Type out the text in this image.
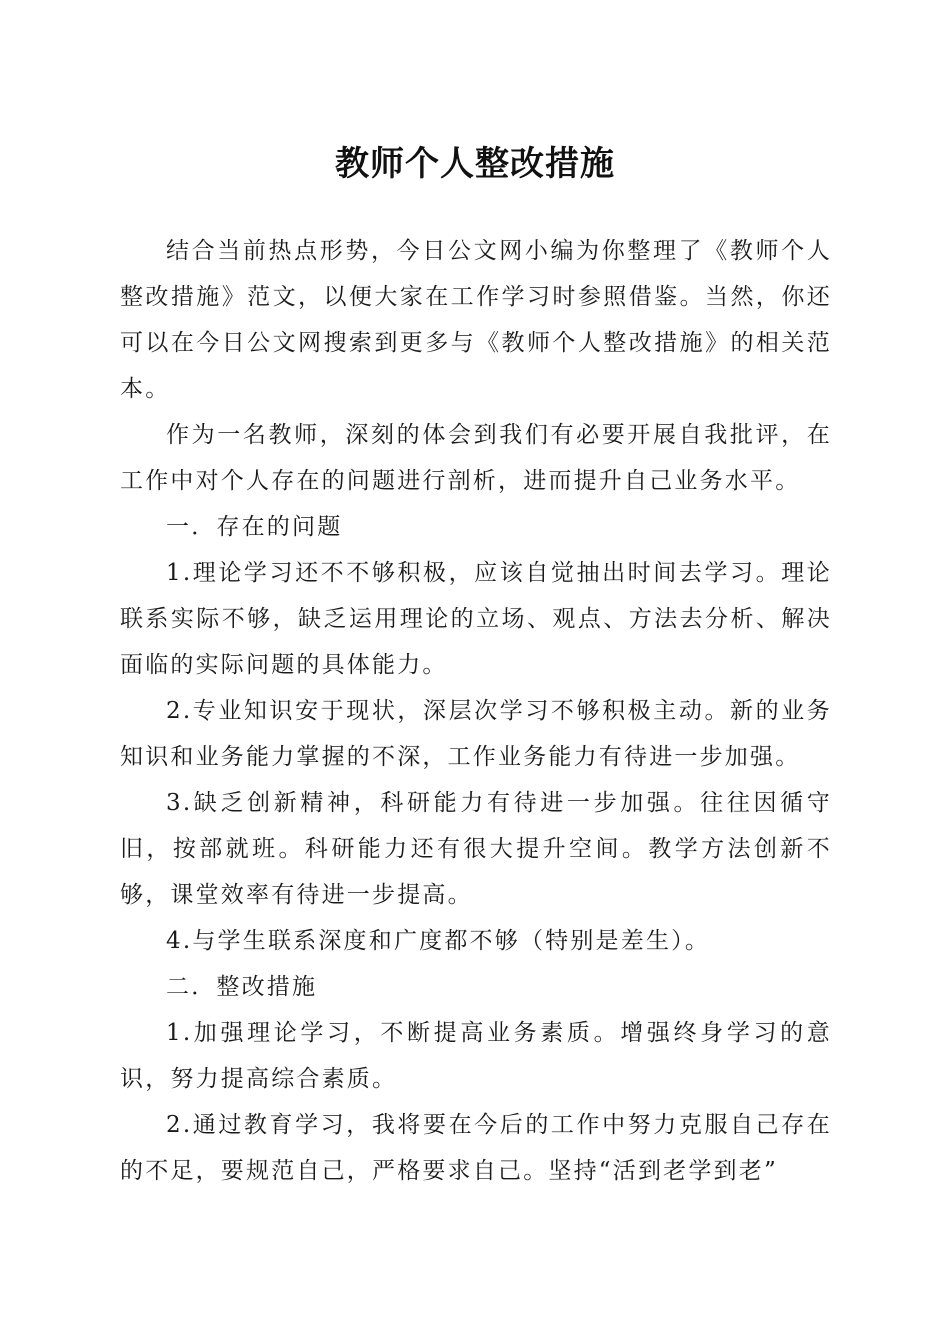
教师个人整改措施

结合当前热点形势，今日公文网小编为你整理了《教师个人整改措施》范文，以便大家在工作学习时参照借鉴。当然，你还可以在今日公文网搜索到更多与《教师个人整改措施》的相关范本。

作为一名教师，深刻的体会到我们有必要开展自我批评，在工作中对个人存在的问题进行剖析，进而提升自己业务水平。

一．存在的问题

1.理论学习还不不够积极，应该自觉抽出时间去学习。理论联系实际不够，缺乏运用理论的立场、观点、方法去分析、解决面临的实际问题的具体能力。

2.专业知识安于现状，深层次学习不够积极主动。新的业务知识和业务能力掌握的不深，工作业务能力有待进一步加强。

3.缺乏创新精神，科研能力有待进一步加强。往往因循守旧，按部就班。科研能力还有很大提升空间。教学方法创新不够，课堂效率有待进一步提高。

4.与学生联系深度和广度都不够（特别是差生）。

二．整改措施

1.加强理论学习，不断提高业务素质。增强终身学习的意识，努力提高综合素质。

2.通过教育学习，我将要在今后的工作中努力克服自己存在的不足，要规范自己，严格要求自己。坚持“活到老学到老”
